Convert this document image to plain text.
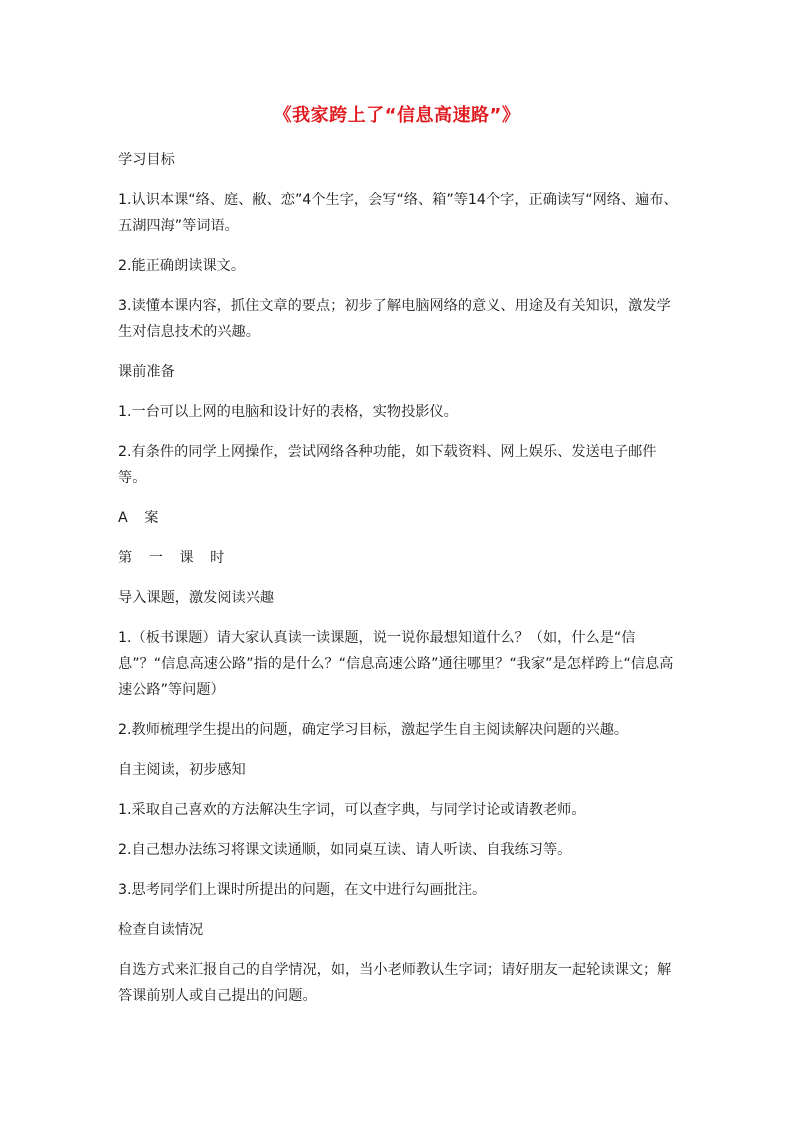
《我家跨上了“信息高速路”》

学习目标

1.认识本课“络、庭、敝、恋”4个生字，会写“络、箱”等14个字，正确读写“网络、遍布、五湖四海”等词语。

2.能正确朗读课文。

3.读懂本课内容，抓住文章的要点；初步了解电脑网络的意义、用途及有关知识，激发学生对信息技术的兴趣。

课前准备

1.一台可以上网的电脑和设计好的表格，实物投影仪。

2.有条件的同学上网操作，尝试网络各种功能，如下载资料、网上娱乐、发送电子邮件等。

A 案

第 一 课 时

导入课题，激发阅读兴趣

1.（板书课题）请大家认真读一读课题，说一说你最想知道什么？（如，什么是“信息”？“信息高速公路”指的是什么？“信息高速公路”通往哪里？“我家”是怎样跨上“信息高速公路”等问题）

2.教师梳理学生提出的问题，确定学习目标，激起学生自主阅读解决问题的兴趣。

自主阅读，初步感知

1.采取自己喜欢的方法解决生字词，可以查字典，与同学讨论或请教老师。

2.自己想办法练习将课文读通顺，如同桌互读、请人听读、自我练习等。

3.思考同学们上课时所提出的问题，在文中进行勾画批注。

检查自读情况

自选方式来汇报自己的自学情况，如，当小老师教认生字词；请好朋友一起轮读课文；解答课前别人或自己提出的问题。
